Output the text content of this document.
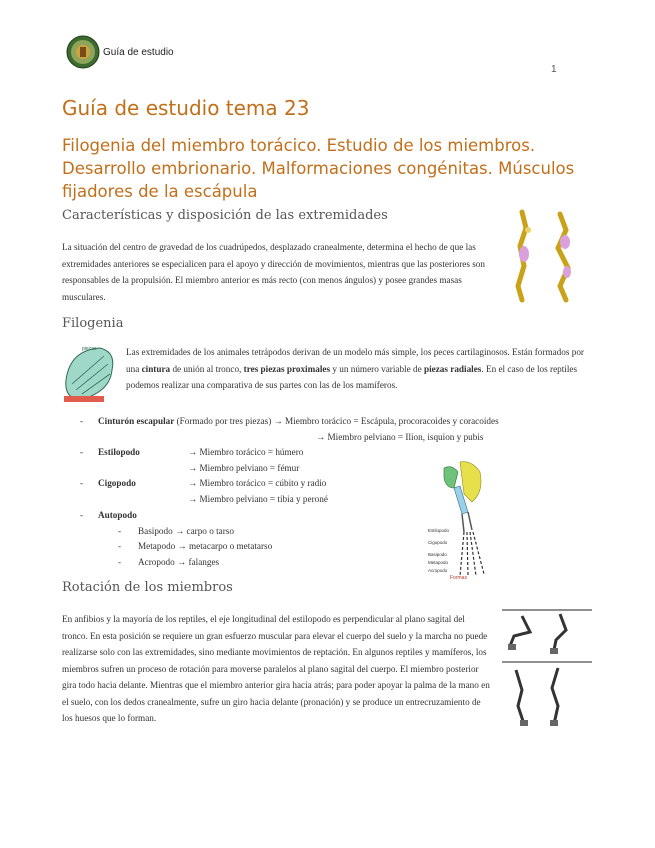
Guía de estudio
1
Guía de estudio tema 23
Filogenia del miembro torácico. Estudio de los miembros. Desarrollo embrionario. Malformaciones congénitas. Músculos fijadores de la escápula
Características y disposición de las extremidades
La situación del centro de gravedad de los cuadrúpedos, desplazado cranealmente, determina el hecho de que las extremidades anteriores se especialicen para el apoyo y dirección de movimientos, mientras que las posteriores son responsables de la propulsión. El miembro anterior es más recto (con menos ángulos) y posee grandes masas musculares.
Filogenia
piezas	Las extremidades de los animales tetrápodos derivan de un modelo más simple, los peces cartilaginosos. Están formados por una cintura de unión al tronco, tres piezas proximales y un número variable de piezas radiales. En el caso de los reptiles podemos realizar una comparativa de sus partes con las de los mamíferos.
- Cinturón escapular (Formado por tres piezas) → Miembro torácico = Escápula, procoracoides y coracoides
→ Miembro pelviano = Ilion, isquion y pubis
- Estilopodo	→ Miembro torácico = húmero
→ Miembro pelviano = fémur
- Cigopodo	→ Miembro torácico = cúbito y radio
→ Miembro pelviano = tibia y peroné
- Autopodo
- Basipodo → carpo o tarso
- Metapodo → metacarpo o metatarso
- Acropodo → falanges
Estilopodo
Cigopodo
Basipodo
Metapodo
Acropodo
Formas
Rotación de los miembros
En anfibios y la mayoría de los reptiles, el eje longitudinal del estilopodo es perpendicular al plano sagital del tronco. En esta posición se requiere un gran esfuerzo muscular para elevar el cuerpo del suelo y la marcha no puede realizarse solo con las extremidades, sino mediante movimientos de reptación. En algunos reptiles y mamíferos, los miembros sufren un proceso de rotación para moverse paralelos al plano sagital del cuerpo. El miembro posterior gira todo hacia delante. Mientras que el miembro anterior gira hacia atrás; para poder apoyar la palma de la mano en el suelo, con los dedos cranealmente, sufre un giro hacia delante (pronación) y se produce un entrecruzamiento de los huesos que lo forman.
